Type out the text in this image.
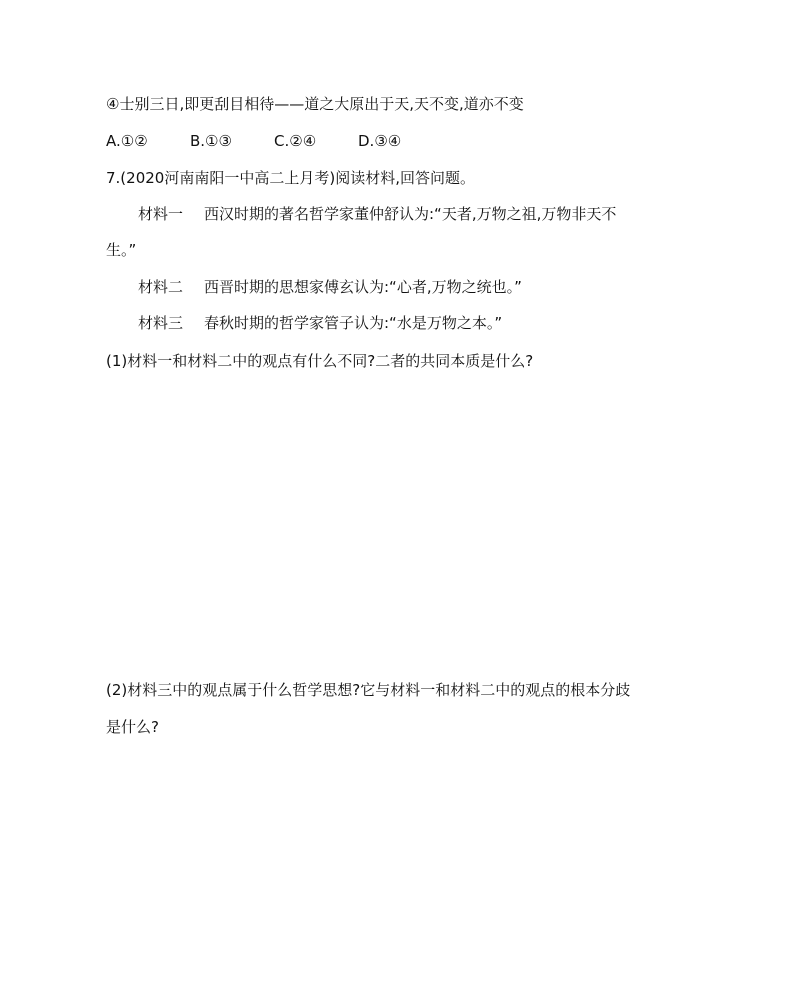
④士别三日,即更刮目相待——道之大原出于天,天不变,道亦不变
A.①②	B.①③	C.②④	D.③④
7.(2020河南南阳一中高二上月考)阅读材料,回答问题。
材料一 西汉时期的著名哲学家董仲舒认为:“天者,万物之祖,万物非天不
生。”
材料二 西晋时期的思想家傅玄认为:“心者,万物之统也。”
材料三 春秋时期的哲学家管子认为:“水是万物之本。”
(1)材料一和材料二中的观点有什么不同?二者的共同本质是什么?
(2)材料三中的观点属于什么哲学思想?它与材料一和材料二中的观点的根本分歧
是什么?
